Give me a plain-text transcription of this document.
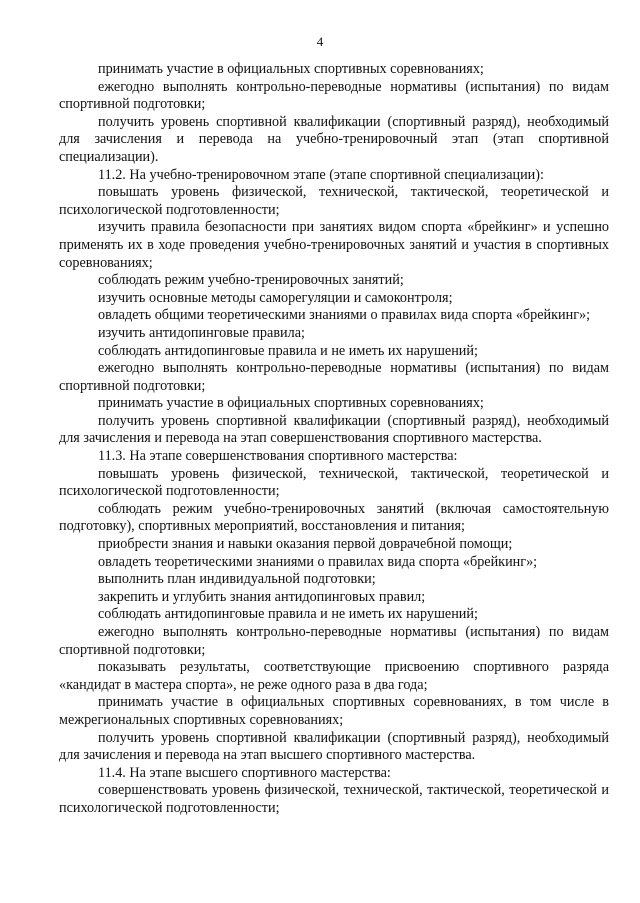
4

принимать участие в официальных спортивных соревнованиях;

ежегодно выполнять контрольно-переводные нормативы (испытания) по видам спортивной подготовки;

получить уровень спортивной квалификации (спортивный разряд), необходимый для зачисления и перевода на учебно-тренировочный этап (этап спортивной специализации).

11.2. На учебно-тренировочном этапе (этапе спортивной специализации):

повышать уровень физической, технической, тактической, теоретической и психологической подготовленности;

изучить правила безопасности при занятиях видом спорта «брейкинг» и успешно применять их в ходе проведения учебно-тренировочных занятий и участия в спортивных соревнованиях;

соблюдать режим учебно-тренировочных занятий;

изучить основные методы саморегуляции и самоконтроля;

овладеть общими теоретическими знаниями о правилах вида спорта «брейкинг»;

изучить антидопинговые правила;

соблюдать антидопинговые правила и не иметь их нарушений;

ежегодно выполнять контрольно-переводные нормативы (испытания) по видам спортивной подготовки;

принимать участие в официальных спортивных соревнованиях;

получить уровень спортивной квалификации (спортивный разряд), необходимый для зачисления и перевода на этап совершенствования спортивного мастерства.

11.3. На этапе совершенствования спортивного мастерства:

повышать уровень физической, технической, тактической, теоретической и психологической подготовленности;

соблюдать режим учебно-тренировочных занятий (включая самостоятельную подготовку), спортивных мероприятий, восстановления и питания;

приобрести знания и навыки оказания первой доврачебной помощи;

овладеть теоретическими знаниями о правилах вида спорта «брейкинг»;

выполнить план индивидуальной подготовки;

закрепить и углубить знания антидопинговых правил;

соблюдать антидопинговые правила и не иметь их нарушений;

ежегодно выполнять контрольно-переводные нормативы (испытания) по видам спортивной подготовки;

показывать результаты, соответствующие присвоению спортивного разряда «кандидат в мастера спорта», не реже одного раза в два года;

принимать участие в официальных спортивных соревнованиях, в том числе в межрегиональных спортивных соревнованиях;

получить уровень спортивной квалификации (спортивный разряд), необходимый для зачисления и перевода на этап высшего спортивного мастерства.

11.4. На этапе высшего спортивного мастерства:

совершенствовать уровень физической, технической, тактической, теоретической и психологической подготовленности;
